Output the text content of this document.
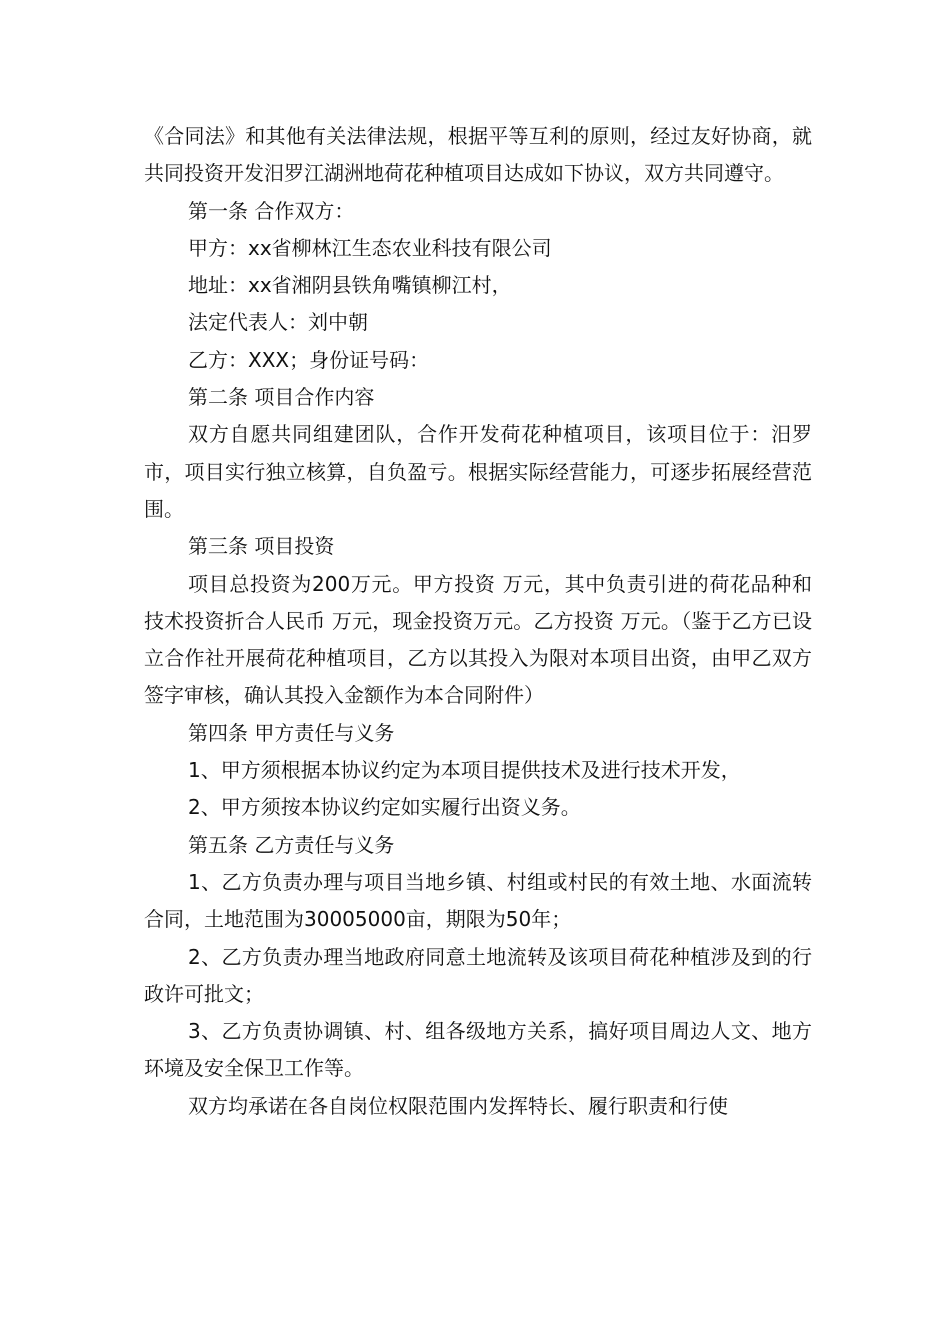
《合同法》和其他有关法律法规，根据平等互利的原则，经过友好协商，就共同投资开发汨罗江湖洲地荷花种植项目达成如下协议，双方共同遵守。

第一条 合作双方：

甲方：xx省柳林江生态农业科技有限公司

地址：xx省湘阴县铁角嘴镇柳江村，

法定代表人：刘中朝

乙方：XXX；身份证号码：

第二条 项目合作内容

双方自愿共同组建团队，合作开发荷花种植项目，该项目位于：汨罗市，项目实行独立核算，自负盈亏。根据实际经营能力，可逐步拓展经营范围。

第三条 项目投资

项目总投资为200万元。甲方投资 万元，其中负责引进的荷花品种和技术投资折合人民币 万元，现金投资万元。乙方投资 万元。（鉴于乙方已设立合作社开展荷花种植项目，乙方以其投入为限对本项目出资，由甲乙双方签字审核，确认其投入金额作为本合同附件）

第四条 甲方责任与义务

1、甲方须根据本协议约定为本项目提供技术及进行技术开发，

2、甲方须按本协议约定如实履行出资义务。

第五条 乙方责任与义务

1、乙方负责办理与项目当地乡镇、村组或村民的有效土地、水面流转合同，土地范围为30005000亩，期限为50年；

2、乙方负责办理当地政府同意土地流转及该项目荷花种植涉及到的行政许可批文；

3、乙方负责协调镇、村、组各级地方关系，搞好项目周边人文、地方环境及安全保卫工作等。

双方均承诺在各自岗位权限范围内发挥特长、履行职责和行使
